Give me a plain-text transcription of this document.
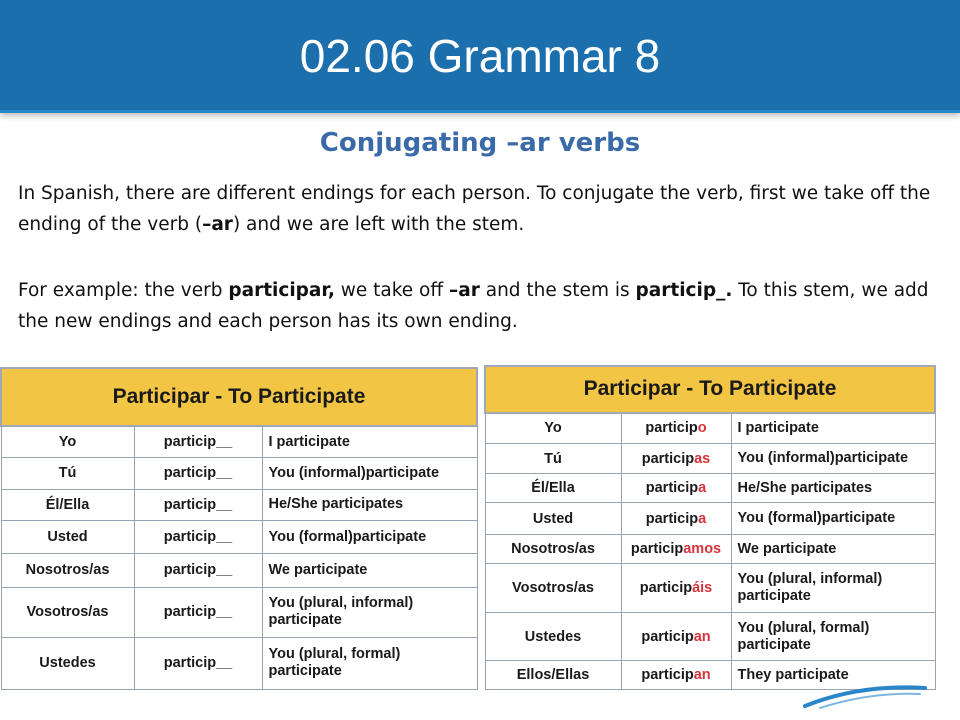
02.06 Grammar 8
Conjugating –ar verbs
In Spanish, there are different endings for each person. To conjugate the verb, first we take off the ending of the verb (–ar) and we are left with the stem.
For example: the verb participar, we take off –ar and the stem is particip_. To this stem, we add the new endings and each person has its own ending.
Participar - To Participate		
Yo	particip__	I participate
Tú	particip__	You (informal)participate
Él/Ella	particip__	He/She participates
Usted	particip__	You (formal)participate
Nosotros/as	particip__	We participate
Vosotros/as	particip__	You (plural, informal) participate
Ustedes	particip__	You (plural, formal) participate
Participar - To Participate		
Yo	participo	I participate
Tú	participas	You (informal)participate
Él/Ella	participa	He/She participates
Usted	participa	You (formal)participate
Nosotros/as	participamos	We participate
Vosotros/as	participáis	You (plural, informal) participate
Ustedes	participan	You (plural, formal) participate
Ellos/Ellas	participan	They participate
